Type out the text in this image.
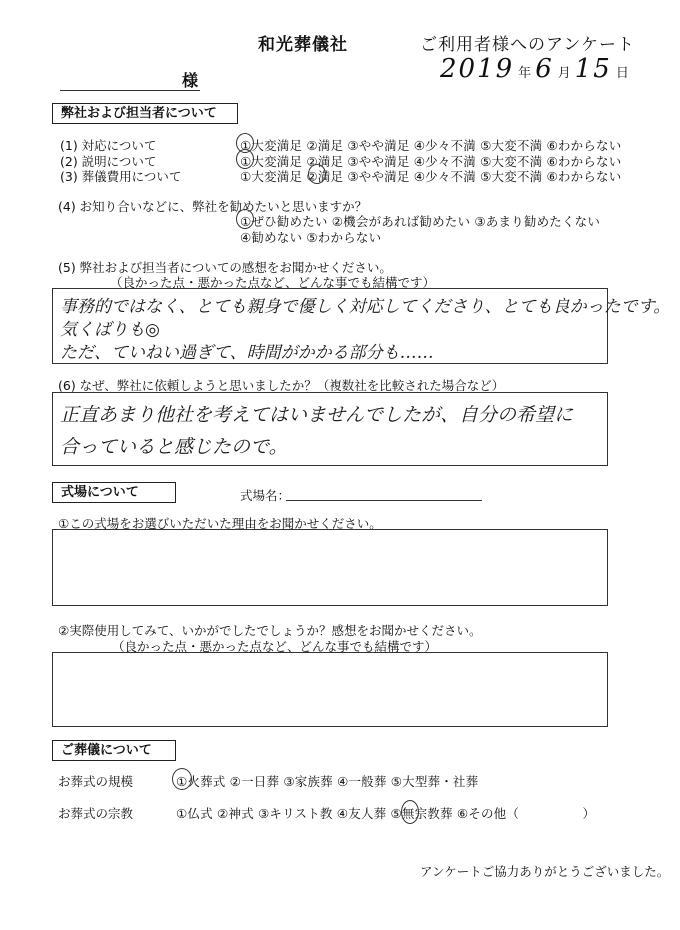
和光葬儀社	ご利用者様へのアンケート
様	2019 年 6 月 15 日
弊社および担当者について
(1) 対応について	①大変満足 ②満足 ③やや満足 ④少々不満 ⑤大変不満 ⑥わからない
(2) 説明について	①大変満足 ②満足 ③やや満足 ④少々不満 ⑤大変不満 ⑥わからない
(3) 葬儀費用について	①大変満足 ②満足 ③やや満足 ④少々不満 ⑤大変不満 ⑥わからない
(4) お知り合いなどに、弊社を勧めたいと思いますか？
①ぜひ勧めたい ②機会があれば勧めたい ③あまり勧めたくない
④勧めない ⑤わからない
(5) 弊社および担当者についての感想をお聞かせください。
（良かった点・悪かった点など、どんな事でも結構です）
事務的ではなく、とても親身で優しく対応してくださり、とても良かったです。
気くばりも◎
ただ、ていねい過ぎて、時間がかかる部分も……
(6) なぜ、弊社に依頼しようと思いましたか？（複数社を比較された場合など）
正直あまり他社を考えてはいませんでしたが、自分の希望に
合っていると感じたので。
式場について	式場名：
①この式場をお選びいただいた理由をお聞かせください。
②実際使用してみて、いかがでしたでしょうか？感想をお聞かせください。
（良かった点・悪かった点など、どんな事でも結構です）
ご葬儀について
お葬式の規模	①火葬式 ②一日葬 ③家族葬 ④一般葬 ⑤大型葬・社葬
お葬式の宗教	①仏式 ②神式 ③キリスト教 ④友人葬 ⑤無宗教葬 ⑥その他（　　　　　）
アンケートご協力ありがとうございました。
